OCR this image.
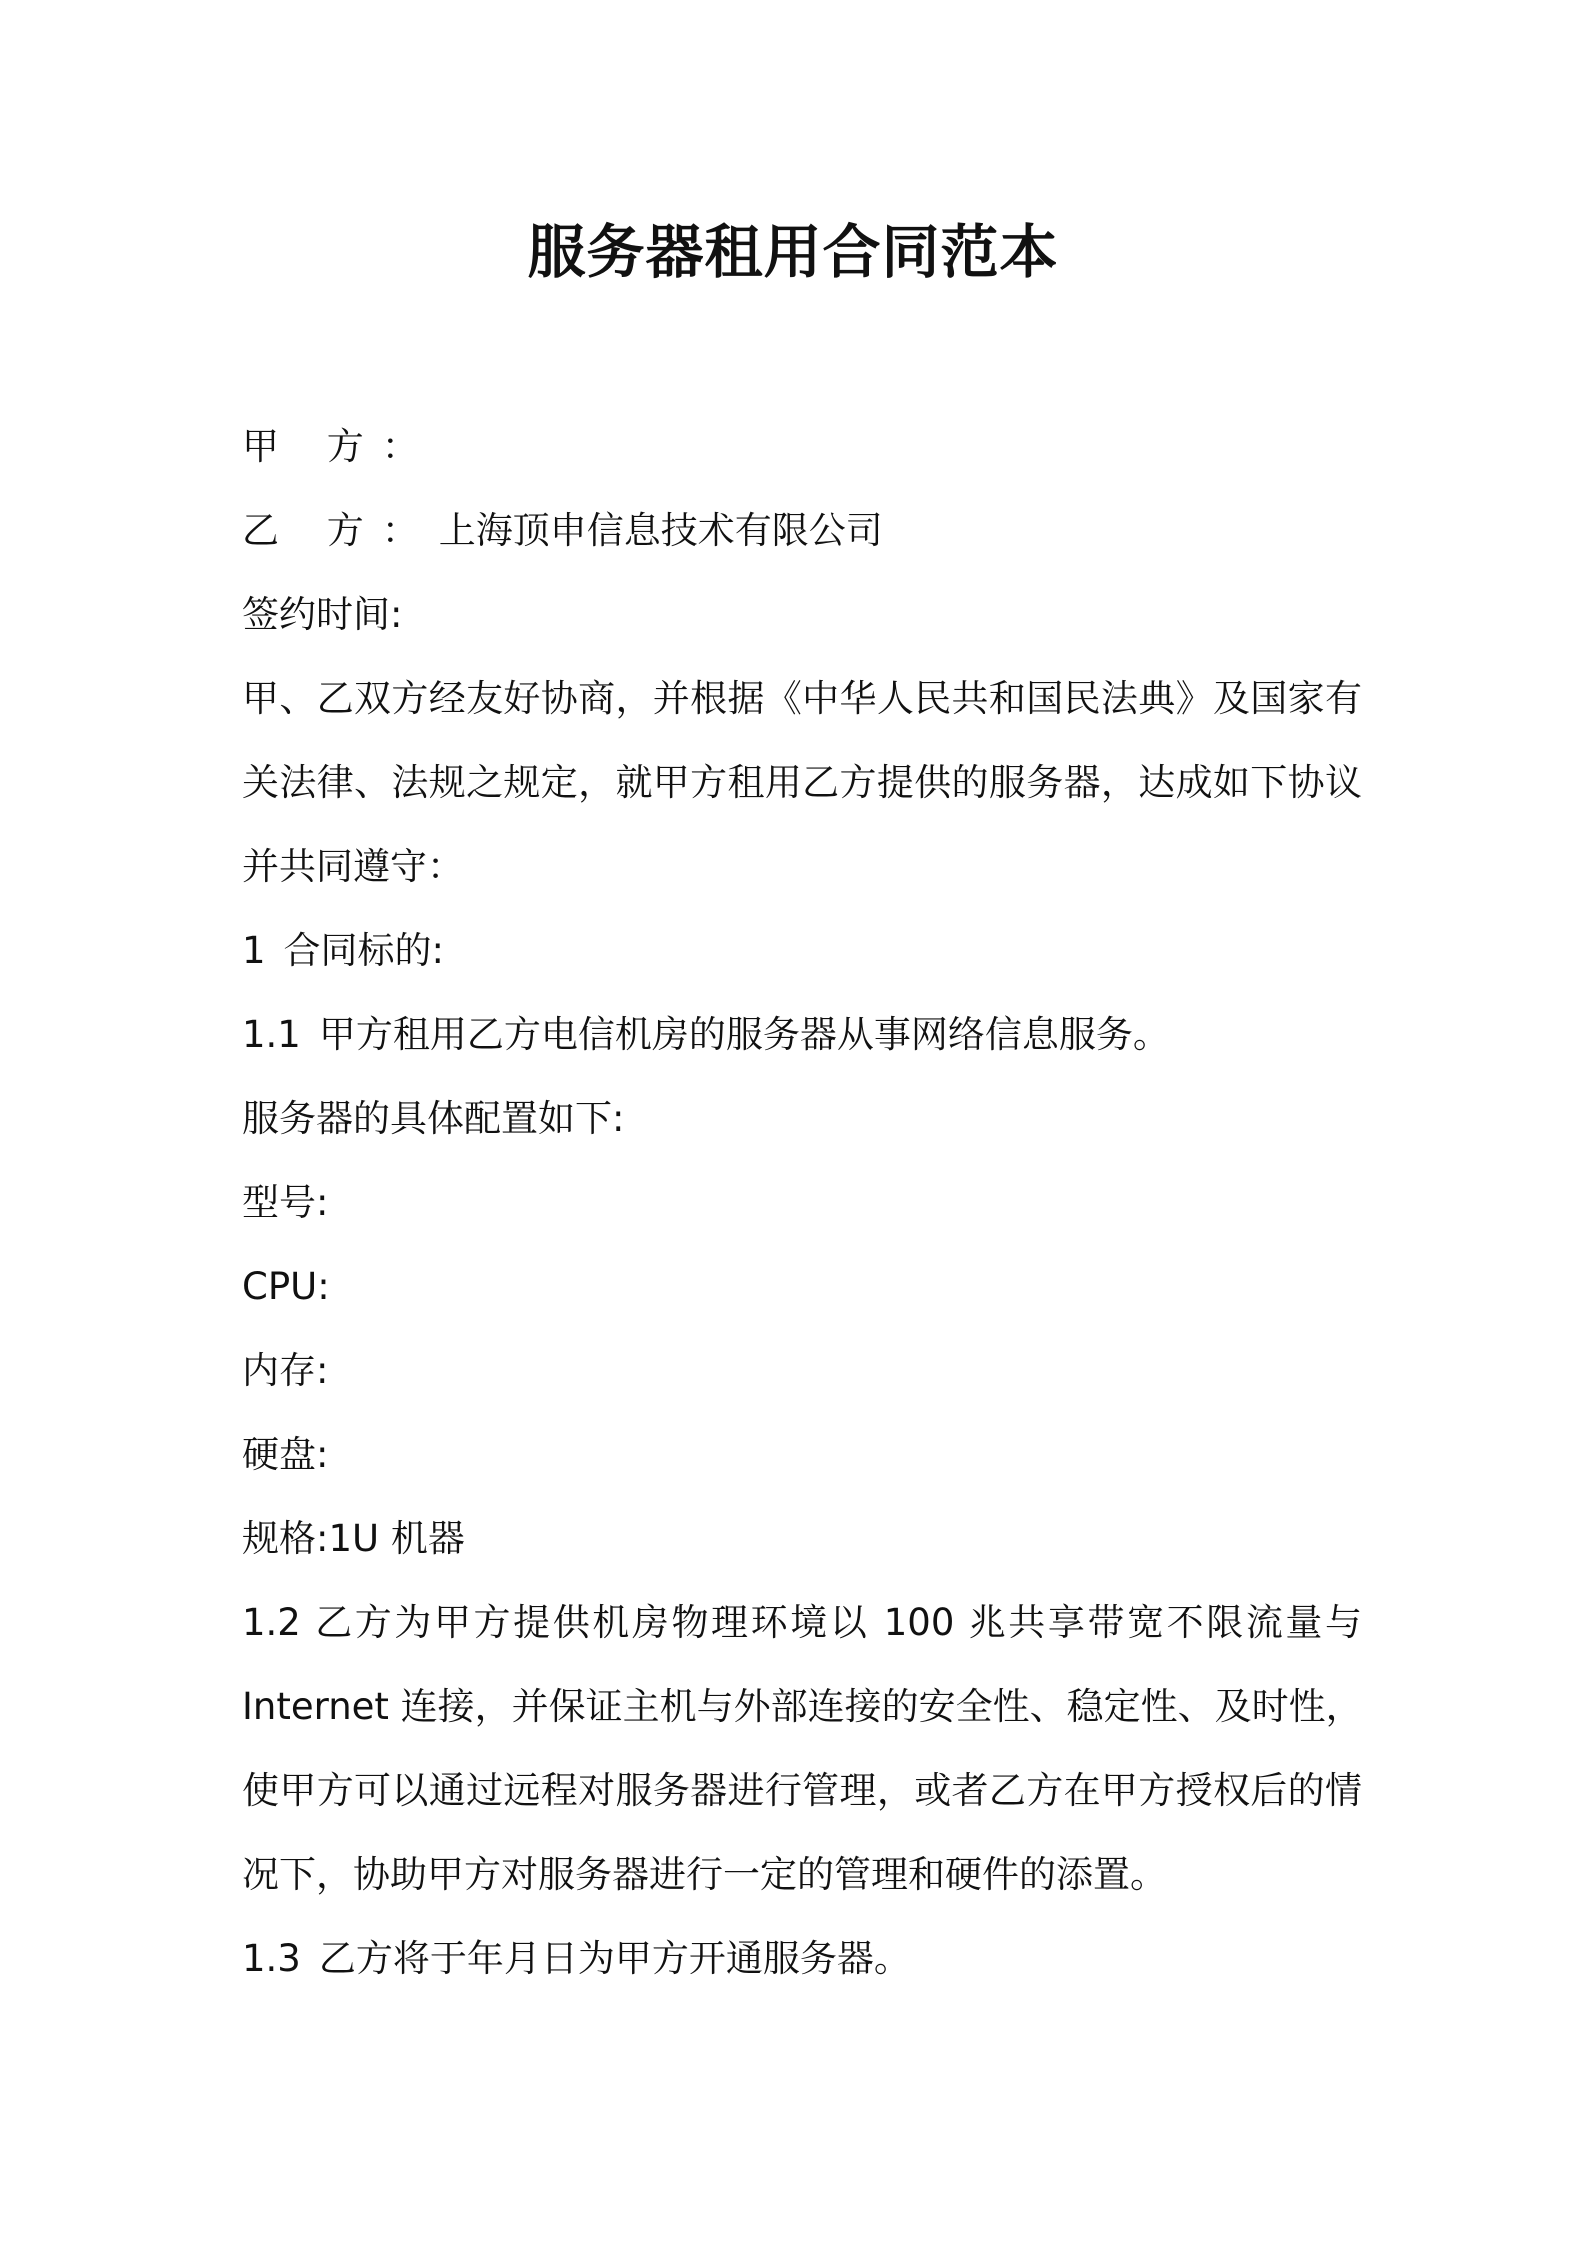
服务器租用合同范本
甲 方：
乙 方： 上海顶申信息技术有限公司
签约时间:
甲、乙双方经友好协商，并根据《中华人民共和国民法典》及国家有
关法律、法规之规定，就甲方租用乙方提供的服务器，达成如下协议
并共同遵守：
1 合同标的:
1.1 甲方租用乙方电信机房的服务器从事网络信息服务。
服务器的具体配置如下:
型号:
CPU:
内存:
硬盘:
规格:1U 机器
1.2 乙方为甲方提供机房物理环境以 100 兆共享带宽不限流量与
Internet 连接，并保证主机与外部连接的安全性、稳定性、及时性，
使甲方可以通过远程对服务器进行管理，或者乙方在甲方授权后的情
况下，协助甲方对服务器进行一定的管理和硬件的添置。
1.3 乙方将于年月日为甲方开通服务器。
